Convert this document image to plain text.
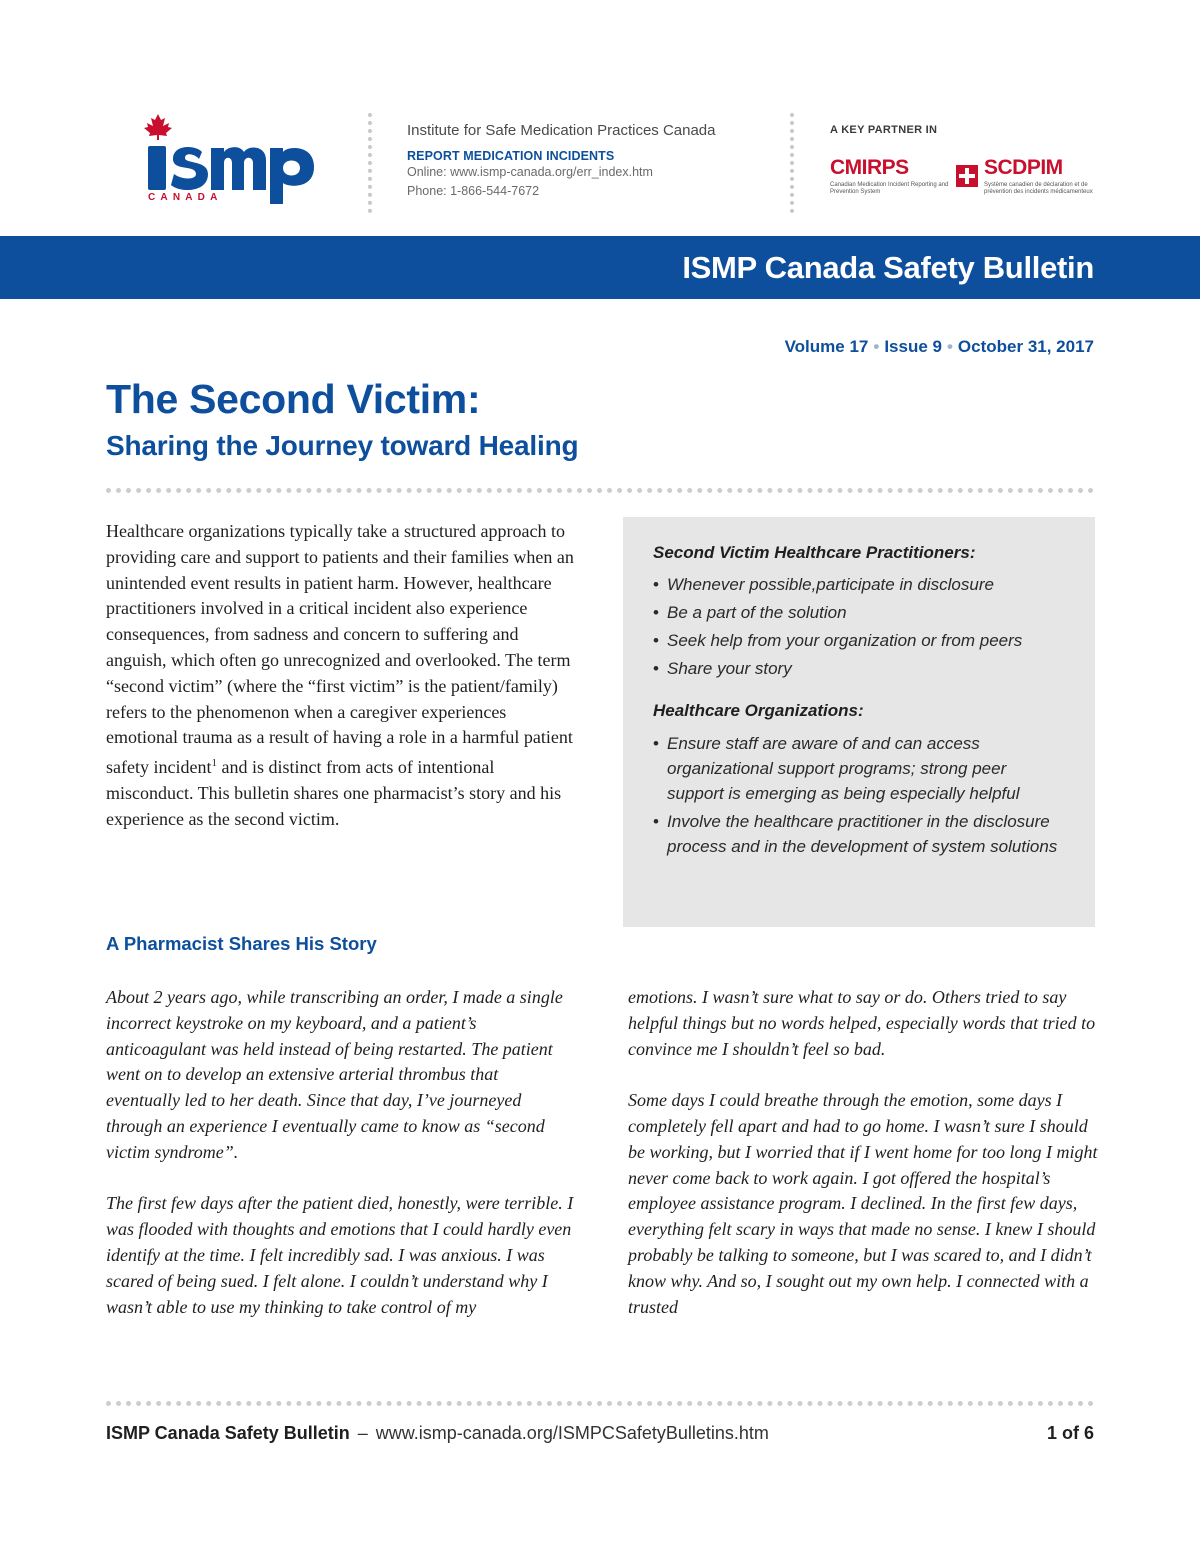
CANADA
Institute for Safe Medication Practices Canada
REPORT MEDICATION INCIDENTS
Online: www.ismp-canada.org/err_index.htm
Phone: 1-866-544-7672
A KEY PARTNER IN
CMIRPS
Canadian Medication Incident Reporting and Prevention System
SCDPIM
Système canadien de déclaration et de prévention des incidents médicamenteux
ISMP Canada Safety Bulletin
Volume 17 • Issue 9 • October 31, 2017
The Second Victim:
Sharing the Journey toward Healing

Healthcare organizations typically take a structured approach to providing care and support to patients and their families when an unintended event results in patient harm. However, healthcare practitioners involved in a critical incident also experience consequences, from sadness and concern to suffering and anguish, which often go unrecognized and overlooked. The term “second victim” (where the “first victim” is the patient/family) refers to the phenomenon when a caregiver experiences emotional trauma as a result of having a role in a harmful patient safety incident$^1$ and is distinct from acts of intentional misconduct. This bulletin shares one pharmacist’s story and his experience as the second victim.

Second Victim Healthcare Practitioners:
• Whenever possible,participate in disclosure
• Be a part of the solution
• Seek help from your organization or from peers
• Share your story
Healthcare Organizations:
• Ensure staff are aware of and can access organizational support programs; strong peer support is emerging as being especially helpful
• Involve the healthcare practitioner in the disclosure process and in the development of system solutions
A Pharmacist Shares His Story

About 2 years ago, while transcribing an order, I made a single incorrect keystroke on my keyboard, and a patient’s anticoagulant was held instead of being restarted. The patient went on to develop an extensive arterial thrombus that eventually led to her death. Since that day, I’ve journeyed through an experience I eventually came to know as “second victim syndrome”.

The first few days after the patient died, honestly, were terrible. I was flooded with thoughts and emotions that I could hardly even identify at the time. I felt incredibly sad. I was anxious. I was scared of being sued. I felt alone. I couldn’t understand why I wasn’t able to use my thinking to take control of my

emotions. I wasn’t sure what to say or do. Others tried to say helpful things but no words helped, especially words that tried to convince me I shouldn’t feel so bad.

Some days I could breathe through the emotion, some days I completely fell apart and had to go home. I wasn’t sure I should be working, but I worried that if I went home for too long I might never come back to work again. I got offered the hospital’s employee assistance program. I declined. In the first few days, everything felt scary in ways that made no sense. I knew I should probably be talking to someone, but I was scared to, and I didn’t know why. And so, I sought out my own help. I connected with a trusted

ISMP Canada Safety Bulletin – www.ismp-canada.org/ISMPCSafetyBulletins.htm	1 of 6
